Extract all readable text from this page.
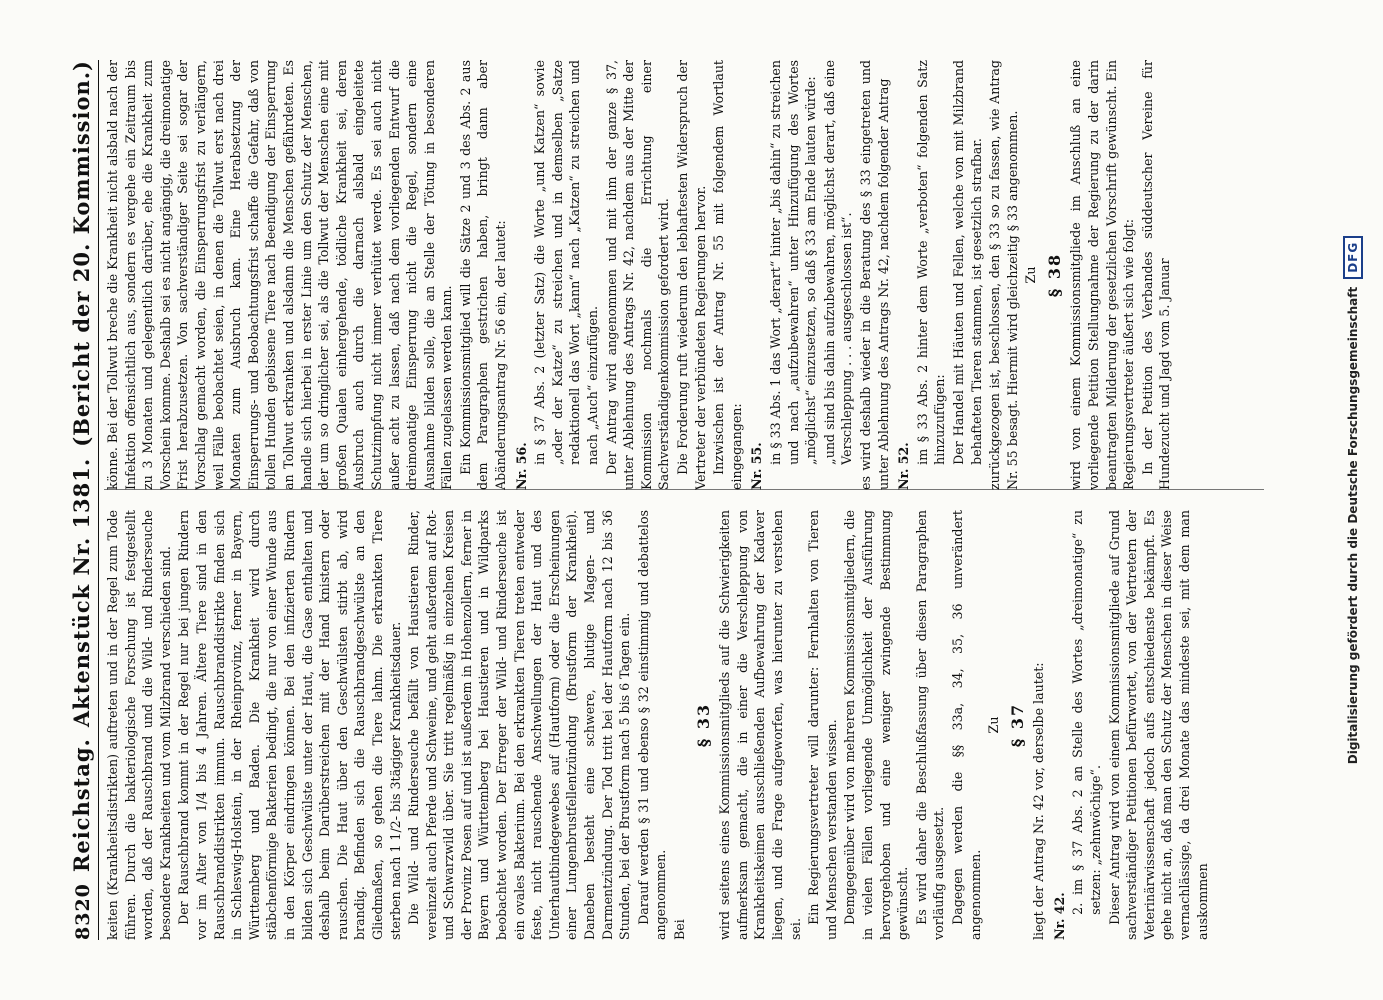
8320
Reichstag.
Aktenstück Nr. 1381.
(Bericht der 20. Kommission.)

keiten (Krankheitsdistrikten) auftreten und in der Regel zum Tode führen. Durch die bakteriologische Forschung ist festgestellt worden, daß der Rauschbrand und die Wild- und Rinderseuche besondere Krankheiten und vom Milzbrand verschieden sind. Der Rauschbrand kommt in der Regel nur bei jungen Rindern vor im Alter von 1/4 bis 4 Jahren. Ältere Tiere sind in den Rauschbranddistrikten immun. Rauschbranddistrikte finden sich in Schleswig-Holstein, in der Rheinprovinz, ferner in Bayern, Württemberg und Baden. Die Krankheit wird durch stäbchenförmige Bakterien bedingt, die nur von einer Wunde aus in den Körper eindringen können. Bei den infizierten Rindern bilden sich Geschwülste unter der Haut, die Gase enthalten und deshalb beim Darüberstreichen mit der Hand knistern oder rauschen. Die Haut über den Geschwülsten stirbt ab, wird brandig. Befinden sich die Rauschbrandgeschwülste an den Gliedmaßen, so gehen die Tiere lahm. Die erkrankten Tiere sterben nach 1 1/2- bis 3tägiger Krankheitsdauer. Die Wild- und Rinderseuche befällt von Haustieren Rinder, vereinzelt auch Pferde und Schweine, und geht außerdem auf Rot- und Schwarzwild über. Sie tritt regelmäßig in einzelnen Kreisen der Provinz Posen auf und ist außerdem in Hohenzollern, ferner in Bayern und Württemberg bei Haustieren und in Wildparks beobachtet worden. Der Erreger der Wild- und Rinderseuche ist ein ovales Bakterium. Bei den erkrankten Tieren treten entweder feste, nicht rauschende Anschwellungen der Haut und des Unterhautbindegewebes auf (Hautform) oder die Erscheinungen einer Lungenbrustfellentzündung (Brustform der Krankheit). Daneben besteht eine schwere, blutige Magen- und Darmentzündung. Der Tod tritt bei der Hautform nach 12 bis 36 Stunden, bei der Brustform nach 5 bis 6 Tagen ein. Darauf werden § 31 und ebenso § 32 einstimmig und debattelos angenommen. Bei

§ 33 wird seitens eines Kommissionsmitglieds auf die Schwierigkeiten aufmerksam gemacht, die in einer die Verschleppung von Krankheitskeimen ausschließenden Aufbewahrung der Kadaver liegen, und die Frage aufgeworfen, was hierunter zu verstehen sei.

Ein Regierungsvertreter will darunter: Fernhalten von Tieren und Menschen verstanden wissen. Demgegenüber wird von mehreren Kommissionsmitgliedern, die in vielen Fällen vorliegende Unmöglichkeit der Ausführung hervorgehoben und eine weniger zwingende Bestimmung gewünscht. Es wird daher die Beschlußfassung über diesen Paragraphen vorläufig ausgesetzt. Dagegen werden die §§ 33a, 34, 35, 36 unverändert angenommen.

Zu § 37 liegt der Antrag Nr. 42 vor, derselbe lautet: Nr. 42.

2. im § 37 Abs. 2 an Stelle des Wortes „dreimonatige“ zu setzen: „zehnwöchige“. Dieser Antrag wird von einem Kommissionsmitgliede auf Grund sachverständiger Petitionen befürwortet, von der Vertretern der Veterinärwissenschaft jedoch aufs entschiedenste bekämpft. Es gehe nicht an, daß man den Schutz der Menschen in dieser Weise vernachlässige, da drei Monate das mindeste sei, mit dem man auskommen

könne. Bei der Tollwut breche die Krankheit nicht alsbald nach der Infektion offensichtlich aus, sondern es vergehe ein Zeitraum bis zu 3 Monaten und gelegentlich darüber, ehe die Krankheit zum Vorschein komme. Deshalb sei es nicht angängig, die dreimonatige Frist herabzusetzen. Von sachverständiger Seite sei sogar der Vorschlag gemacht worden, die Einsperrungsfrist zu verlängern, weil Fälle beobachtet seien, in denen die Tollwut erst nach drei Monaten zum Ausbruch kam. Eine Herabsetzung der Einsperrungs- und Beobachtungsfrist schaffe die Gefahr, daß von tollen Hunden gebissene Tiere nach Beendigung der Einsperrung an Tollwut erkranken und alsdann die Menschen gefährdeten. Es handle sich hierbei in erster Linie um den Schutz der Menschen, der um so dringlicher sei, als die Tollwut der Menschen eine mit großen Qualen einhergehende, tödliche Krankheit sei, deren Ausbruch auch durch die darnach alsbald eingeleitete Schutzimpfung nicht immer verhütet werde. Es sei auch nicht außer acht zu lassen, daß nach dem vorliegenden Entwurf die dreimonatige Einsperrung nicht die Regel, sondern eine Ausnahme bilden solle, die an Stelle der Tötung in besonderen Fällen zugelassen werden kann. Ein Kommissionsmitglied will die Sätze 2 und 3 des Abs. 2 aus dem Paragraphen gestrichen haben, bringt dann aber Abänderungsantrag Nr. 56 ein, der lautet: Nr. 56.

in § 37 Abs. 2 (letzter Satz) die Worte „und Katzen“ sowie „oder der Katze“ zu streichen und in demselben „Satze redaktionell das Wort „kann“ nach „Katzen“ zu streichen und nach „Auch“ einzufügen. Der Antrag wird angenommen und mit ihm der ganze § 37, unter Ablehnung des Antrags Nr. 42, nachdem aus der Mitte der Kommission nochmals die Errichtung einer Sachverständigenkommission gefordert wird. Die Forderung ruft wiederum den lebhaftesten Widerspruch der Vertreter der verbündeten Regierungen hervor. Inzwischen ist der Antrag Nr. 55 mit folgendem Wortlaut eingegangen: Nr. 55.

in § 33 Abs. 1 das Wort „derart“ hinter „bis dahin“ zu streichen und nach „aufzubewahren“ unter Hinzufügung des Wortes „möglichst“ einzusetzen, so daß § 33 am Ende lauten würde: „und sind bis dahin aufzubewahren, möglichst derart, daß eine Verschleppung . . . ausgeschlossen ist“. es wird deshalb wieder in die Beratung des § 33 eingetreten und unter Ablehnung des Antrags Nr. 42, nachdem folgender Antrag Nr. 52.

im § 33 Abs. 2 hinter dem Worte „verboten“ folgenden Satz hinzuzufügen: Der Handel mit Häuten und Fellen, welche von mit Milzbrand behafteten Tieren stammen, ist gesetzlich strafbar. zurückgezogen ist, beschlossen, den § 33 so zu fassen, wie Antrag Nr. 55 besagt. Hiermit wird gleichzeitig § 33 angenommen. Zu § 38 wird von einem Kommissionsmitgliede im Anschluß an eine vorliegende Petition Stellungnahme der Regierung zu der darin beantragten Milderung der gesetzlichen Vorschrift gewünscht. Ein Regierungsvertreter äußert sich wie folgt: In der Petition des Verbandes süddeutscher Vereine für Hundezucht und Jagd vom 5. Januar	Digitalisierung gefördert durch die Deutsche Forschungsgemeinschaft
DFG
